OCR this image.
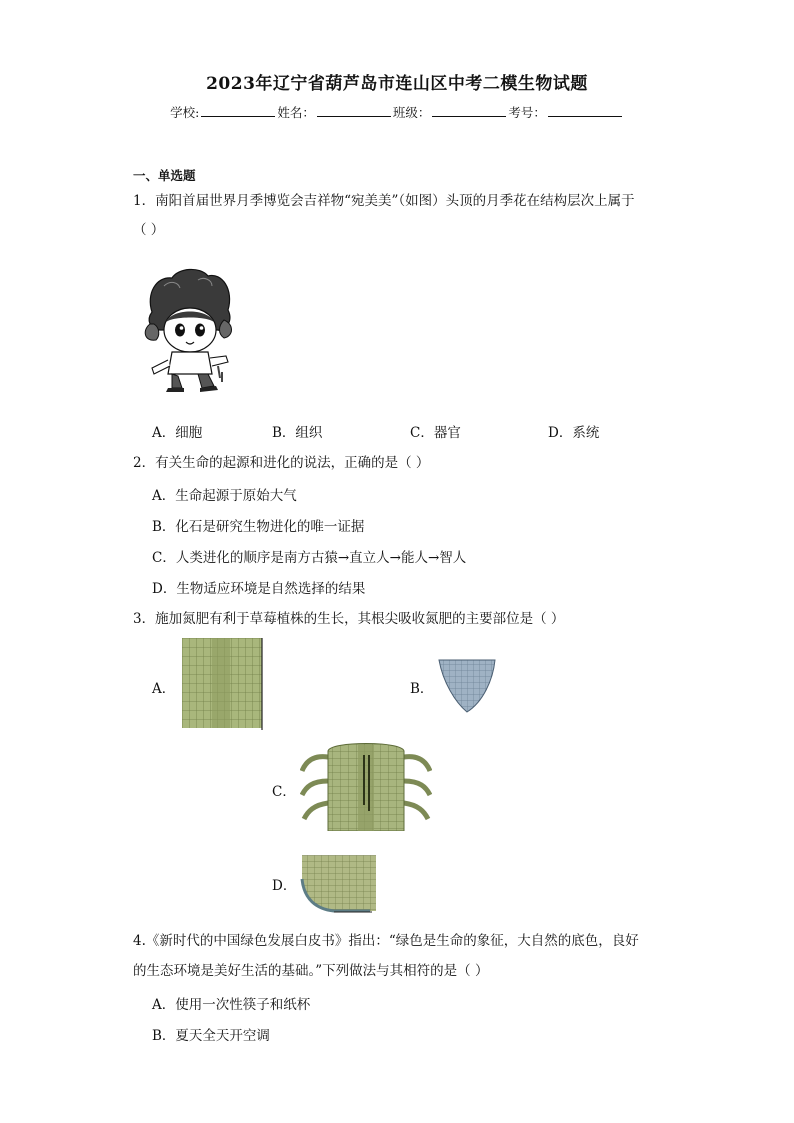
2023年辽宁省葫芦岛市连山区中考二模生物试题
学校:	姓名：	班级：	考号：
一、单选题
1．南阳首届世界月季博览会吉祥物“宛美美”（如图）头顶的月季花在结构层次上属于
（ ）
A．细胞	B．组织	C．器官	D．系统
2．有关生命的起源和进化的说法，正确的是（ ）
A．生命起源于原始大气
B．化石是研究生物进化的唯一证据
C．人类进化的顺序是南方古猿→直立人→能人→智人
D．生物适应环境是自然选择的结果
3．施加氮肥有利于草莓植株的生长，其根尖吸收氮肥的主要部位是（ ）
A．	B．
C．
D．
4.《新时代的中国绿色发展白皮书》指出：“绿色是生命的象征，大自然的底色，良好
的生态环境是美好生活的基础。”下列做法与其相符的是（ ）
A．使用一次性筷子和纸杯
B．夏天全天开空调
